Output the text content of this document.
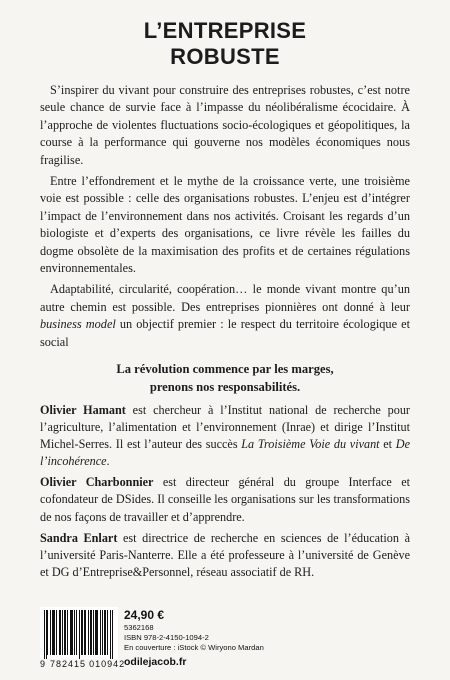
L’ENTREPRISE
ROBUSTE

S’inspirer du vivant pour construire des entreprises robustes, c’est notre seule chance de survie face à l’impasse du néolibéralisme écocidaire. À l’approche de violentes fluctuations socio-écologiques et géopolitiques, la course à la performance qui gouverne nos modèles économiques nous fragilise.

Entre l’effondrement et le mythe de la croissance verte, une troisième voie est possible : celle des organisations robustes. L’enjeu est d’intégrer l’impact de l’environnement dans nos activités. Croisant les regards d’un biologiste et d’experts des organisations, ce livre révèle les failles du dogme obsolète de la maximisation des profits et de certaines régulations environnementales.

Adaptabilité, circularité, coopération… le monde vivant montre qu’un autre chemin est possible. Des entreprises pionnières ont donné à leur business model un objectif premier : le respect du territoire écologique et social

La révolution commence par les marges,
prenons nos responsabilités.

Olivier Hamant est chercheur à l’Institut national de recherche pour l’agriculture, l’alimentation et l’environnement (Inrae) et dirige l’Institut Michel-Serres. Il est l’auteur des succès La Troisième Voie du vivant et De l’incohérence.

Olivier Charbonnier est directeur général du groupe Interface et cofondateur de DSides. Il conseille les organisations sur les transformations de nos façons de travailler et d’apprendre.

Sandra Enlart est directrice de recherche en sciences de l’éducation à l’université Paris-Nanterre. Elle a été professeure à l’université de Genève et DG d’Entreprise&Personnel, réseau associatif de RH.

9 782415 010942
24,90 €
5362168
ISBN 978-2-4150-1094-2
En couverture : iStock © Wiryono Mardan
odilejacob.fr
